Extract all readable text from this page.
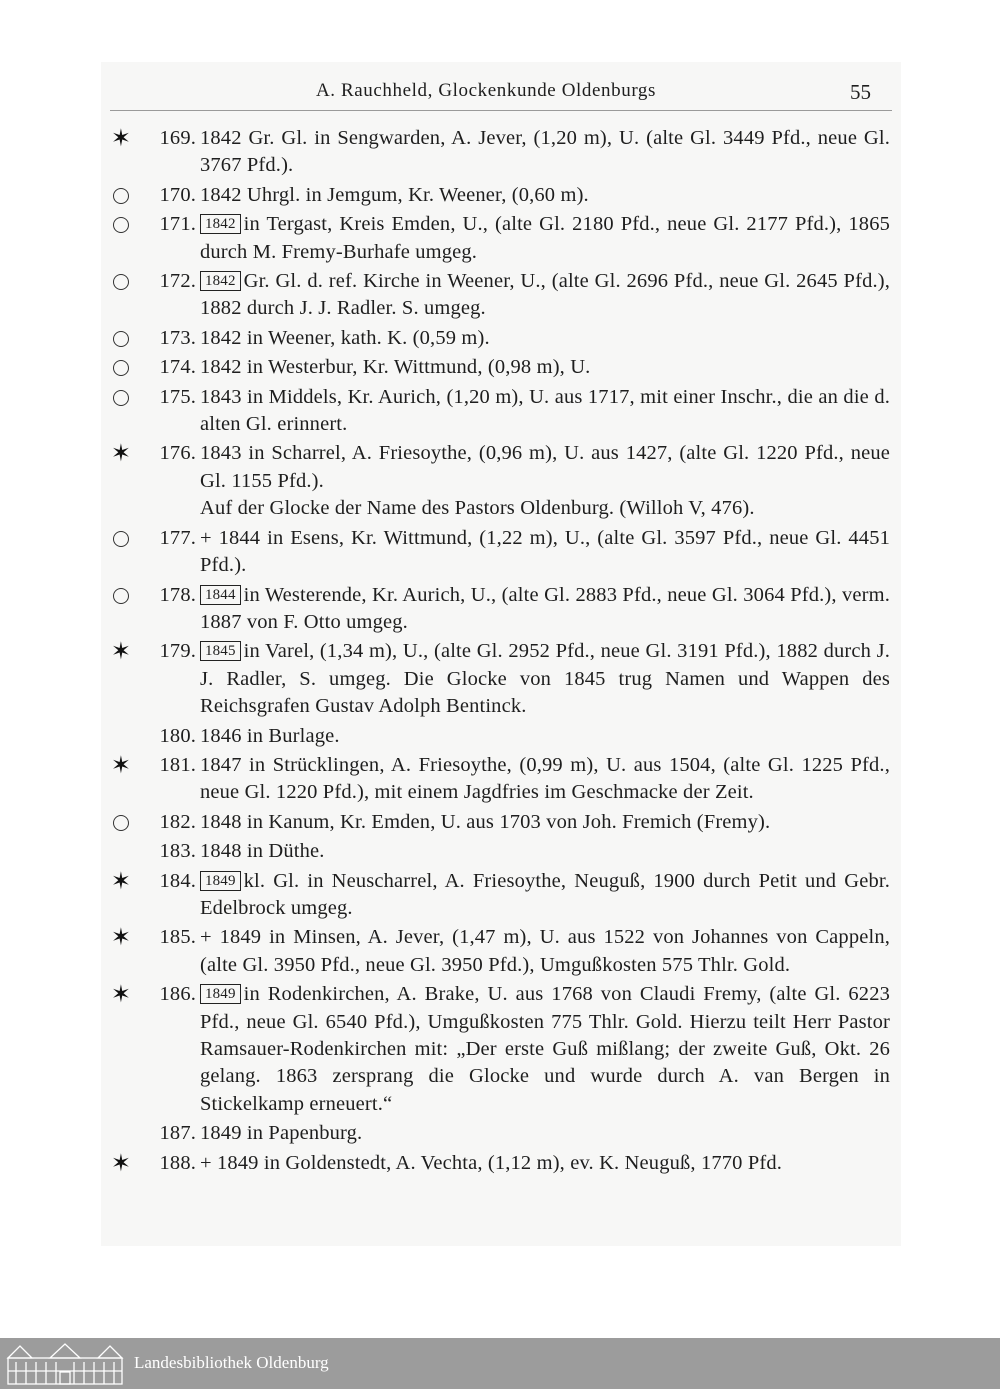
A. Rauchheld, Glockenkunde Oldenburgs	55
✶	169. 1842 Gr. Gl. in Sengwarden, A. Jever, (1,20 m), U. (alte Gl. 3449 Pfd., neue Gl. 3767 Pfd.).
170. 1842 Uhrgl. in Jemgum, Kr. Weener, (0,60 m).
171. 1842 in Tergast, Kreis Emden, U., (alte Gl. 2180 Pfd., neue Gl. 2177 Pfd.), 1865 durch M. Fremy-Burhafe umgeg.
172. 1842 Gr. Gl. d. ref. Kirche in Weener, U., (alte Gl. 2696 Pfd., neue Gl. 2645 Pfd.), 1882 durch J. J. Radler. S. umgeg.
173. 1842 in Weener, kath. K. (0,59 m).
174. 1842 in Westerbur, Kr. Wittmund, (0,98 m), U.
175. 1843 in Middels, Kr. Aurich, (1,20 m), U. aus 1717, mit einer Inschr., die an die d. alten Gl. erinnert.
✶	176. 1843 in Scharrel, A. Friesoythe, (0,96 m), U. aus 1427, (alte Gl. 1220 Pfd., neue Gl. 1155 Pfd.).
Auf der Glocke der Name des Pastors Oldenburg. (Willoh V, 476).
177. + 1844 in Esens, Kr. Wittmund, (1,22 m), U., (alte Gl. 3597 Pfd., neue Gl. 4451 Pfd.).
178. 1844 in Westerende, Kr. Aurich, U., (alte Gl. 2883 Pfd., neue Gl. 3064 Pfd.), verm. 1887 von F. Otto umgeg.
✶	179. 1845 in Varel, (1,34 m), U., (alte Gl. 2952 Pfd., neue Gl. 3191 Pfd.), 1882 durch J. J. Radler, S. umgeg. Die Glocke von 1845 trug Namen und Wappen des Reichsgrafen Gustav Adolph Bentinck.
180. 1846 in Burlage.
✶	181. 1847 in Strücklingen, A. Friesoythe, (0,99 m), U. aus 1504, (alte Gl. 1225 Pfd., neue Gl. 1220 Pfd.), mit einem Jagdfries im Geschmacke der Zeit.
182. 1848 in Kanum, Kr. Emden, U. aus 1703 von Joh. Fremich (Fremy).
183. 1848 in Düthe.
✶	184. 1849 kl. Gl. in Neuscharrel, A. Friesoythe, Neuguß, 1900 durch Petit und Gebr. Edelbrock umgeg.
✶	185. + 1849 in Minsen, A. Jever, (1,47 m), U. aus 1522 von Johannes von Cappeln, (alte Gl. 3950 Pfd., neue Gl. 3950 Pfd.), Umgußkosten 575 Thlr. Gold.
✶	186. 1849 in Rodenkirchen, A. Brake, U. aus 1768 von Claudi Fremy, (alte Gl. 6223 Pfd., neue Gl. 6540 Pfd.), Umgußkosten 775 Thlr. Gold. Hierzu teilt Herr Pastor Ramsauer-Rodenkirchen mit: „Der erste Guß mißlang; der zweite Guß, Okt. 26 gelang. 1863 zersprang die Glocke und wurde durch A. van Bergen in Stickelkamp erneuert.“
187. 1849 in Papenburg.
✶	188. + 1849 in Goldenstedt, A. Vechta, (1,12 m), ev. K. Neuguß, 1770 Pfd.
Landesbibliothek Oldenburg
